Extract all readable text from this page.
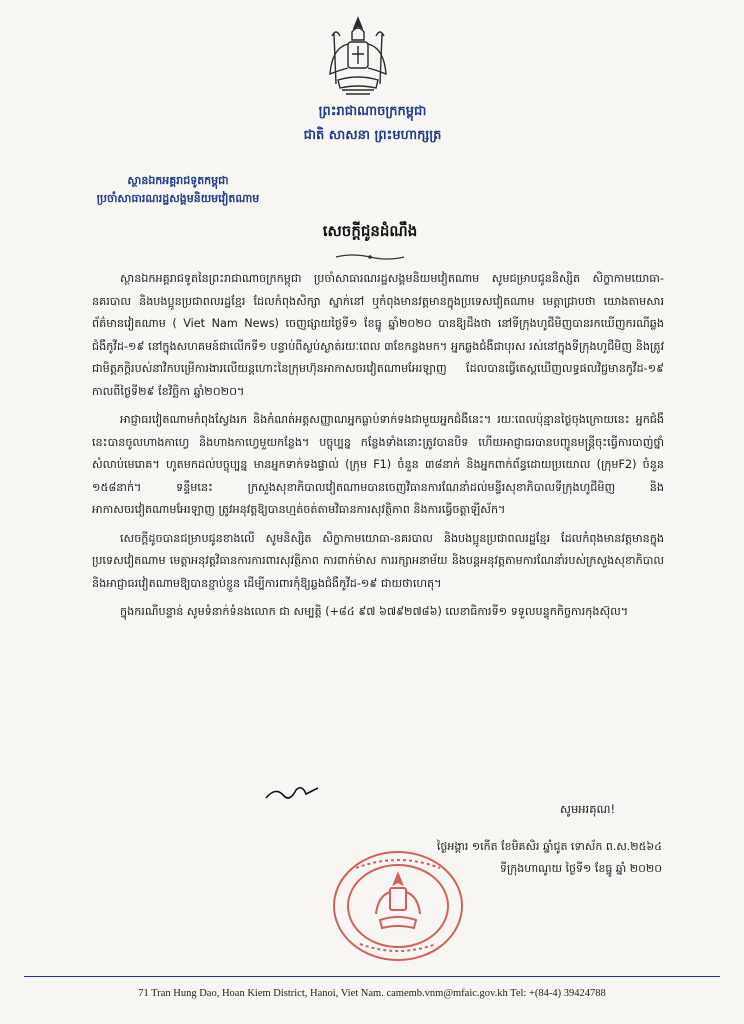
ព្រះរាជាណាចក្រកម្ពុជា
ជាតិ សាសនា ព្រះមហាក្សត្រ
ស្ថានឯកអគ្គរាជទូតកម្ពុជា
ប្រចាំសាធារណរដ្ឋសង្គមនិយមវៀតណាម
សេចក្តីជូនដំណឹង

ស្ថានឯកអគ្គរាជទូតនៃព្រះរាជាណាចក្រកម្ពុជា ប្រចាំសាធារណរដ្ឋសង្គមនិយមវៀតណាម សូមជម្រាបជូននិស្សិត សិក្ខាកាមយោធា-នគរបាល និងបងប្អូនប្រជាពលរដ្ឋខ្មែរ ដែលកំពុងសិក្សា ស្នាក់នៅ ឬកំពុងមានវត្តមានក្នុងប្រទេសវៀតណាម មេត្តាជ្រាបថា យោងតាមសារព័ត៌មានវៀតណាម ( Viet Nam News) ចេញផ្សាយថ្ងៃទី១ ខែធ្នូ ឆ្នាំ២០២០ បានឱ្យដឹងថា នៅទីក្រុងហូជីមិញបានរកឃើញករណីឆ្លងជំងឺកូវីដ-១៩ នៅក្នុងសហគមន៍ជាលើកទី១ បន្ទាប់ពីស្ងប់ស្ងាត់រយៈពេល ៣ខែកន្លងមក។ អ្នកឆ្លងជំងឺជាបុរស រស់នៅក្នុងទីក្រុងហូជីមិញ និងត្រូវជាមិត្តភក្តិរបស់នាវិកបម្រើការងារលើយន្តហោះនៃក្រុមហ៊ុនអាកាសចរវៀតណាមអែរឡាញ ដែលបានធ្វើតេស្តឃើញលទ្ធផលវិជ្ជមានកូវីដ-១៩ កាលពីថ្ងៃទី២៩ ខែវិច្ឆិកា ឆ្នាំ២០២០។

អាជ្ញាធរវៀតណាមកំពុងស្វែងរក និងកំណត់អត្តសញ្ញាណអ្នកធ្លាប់ទាក់ទងជាមួយអ្នកជំងឺនេះ។ រយៈពេលប៉ុន្មានថ្ងៃចុងក្រោយនេះ អ្នកជំងឺនេះបានចូលហាងកាហ្វេ និងហាងកាហ្វេមួយកន្លែង។ បច្ចុប្បន្ន កន្លែងទាំងនោះត្រូវបានបិទ ហើយអាជ្ញាធរបានបញ្ជូនមន្ត្រីចុះធ្វើការបាញ់ថ្នាំសំលាប់មេរោគ។ ហូតមកដល់បច្ចុប្បន្ន មានអ្នកទាក់ទងផ្ទាល់ (ក្រុម F1) ចំនួន ៣៨នាក់ និងអ្នកពាក់ព័ន្ធដោយប្រយោល (ក្រុមF2) ចំនួន ១៥៨នាក់។ ទន្ទឹមនេះ ក្រសួងសុខាភិបាលវៀតណាមបានចេញវិធានការណែនាំដល់មន្ទីរសុខាភិបាលទីក្រុងហូជីមិញ និងអាកាសចរវៀតណាមអែរឡាញ ត្រូវអនុវត្តឱ្យបានហ្មត់ចត់តាមវិធានការសុវត្ថិភាព និងការធ្វើចត្តាឡីស័ក។

សេចក្តីដូចបានជម្រាបជូនខាងលើ សូមនិស្សិត សិក្ខាកាមយោធា-នគរបាល និងបងប្អូនប្រជាពលរដ្ឋខ្មែរ ដែលកំពុងមានវត្តមានក្នុងប្រទេសវៀតណាម មេត្តាអនុវត្តវិធានការការពារសុវត្ថិភាព ការពាក់ម៉ាស ការរក្សាអនាម័យ និងបន្តអនុវត្តតាមការណែនាំរបស់ក្រសួងសុខាភិបាល និងអាជ្ញាធរវៀតណាមឱ្យបានខ្ជាប់ខ្ជួន ដើម្បីការពារកុំឱ្យឆ្លងជំងឺកូវីដ-១៩ ជាយថាហេតុ។

ក្នុងករណីបន្ទាន់ សូមទំនាក់ទំនងលោក ជា សម្បត្តិ (+៨៤ ៩៧ ៦៧៩២៧៨៦) លេខាធិការទី១ ទទួលបន្ទុកកិច្ចការកុងស៊ុល។

សូមអរគុណ!
ថ្ងៃអង្គារ ១កើត ខែមិគសិរ ឆ្នាំជូត ទោស័ក ព.ស.២៥៦៤
ទីក្រុងហាណូយ ថ្ងៃទី១ ខែធ្នូ ឆ្នាំ ២០២០
71 Tran Hung Dao, Hoan Kiem District, Hanoi, Viet Nam. camemb.vnm@mfaic.gov.kh Tel: +(84-4) 39424788
